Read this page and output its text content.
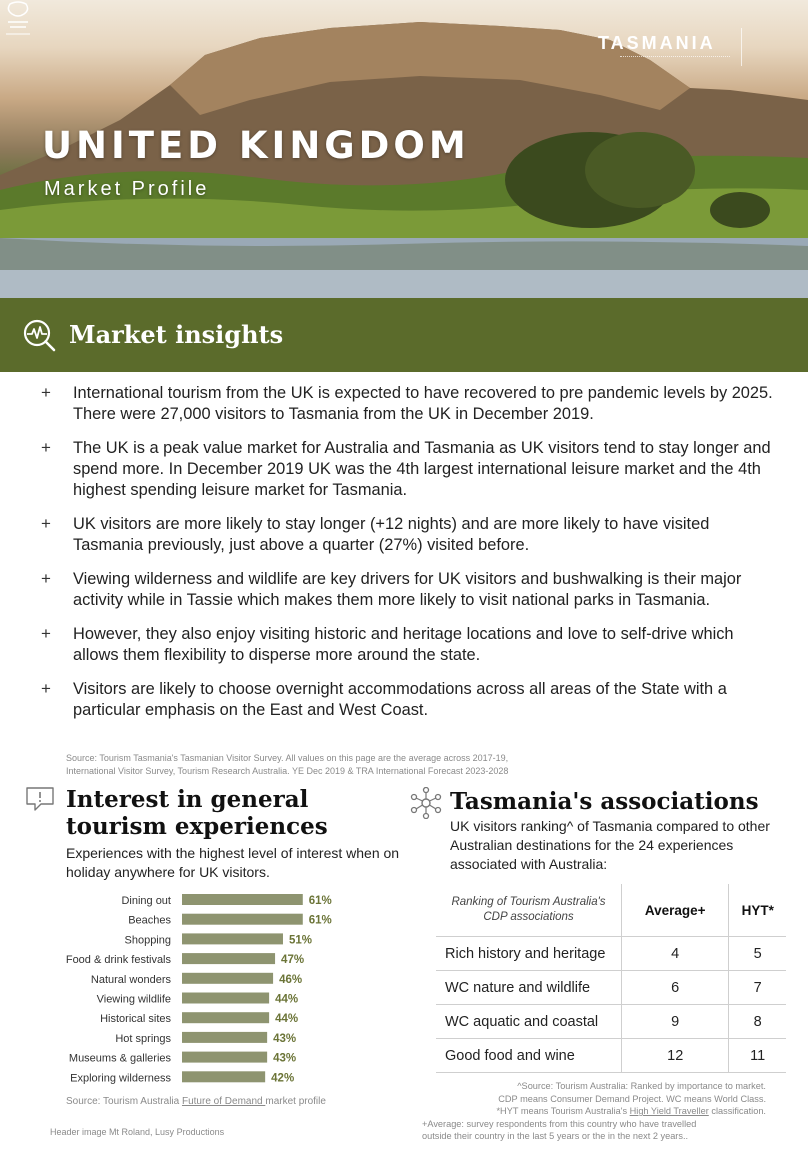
UNITED KINGDOM
Market Profile
TASMANIA
Market insights
+ International tourism from the UK is expected to have recovered to pre pandemic levels by 2025. There were 27,000 visitors to Tasmania from the UK in December 2019.
+ The UK is a peak value market for Australia and Tasmania as UK visitors tend to stay longer and spend more. In December 2019 UK was the 4th largest international leisure market and the 4th highest spending leisure market for Tasmania.
+ UK visitors are more likely to stay longer (+12 nights) and are more likely to have visited Tasmania previously, just above a quarter (27%) visited before.
+ Viewing wilderness and wildlife are key drivers for UK visitors and bushwalking is their major activity while in Tassie which makes them more likely to visit national parks in Tasmania.
+ However, they also enjoy visiting historic and heritage locations and love to self-drive which allows them flexibility to disperse more around the state.
+ Visitors are likely to choose overnight accommodations across all areas of the State with a particular emphasis on the East and West Coast.
Source: Tourism Tasmania's Tasmanian Visitor Survey. All values on this page are the average across 2017-19,
International Visitor Survey, Tourism Research Australia. YE Dec 2019 & TRA International Forecast 2023-2028
Interest in general
tourism experiences
Experiences with the highest level of interest when on holiday anywhere for UK visitors.
Dining out	61%
Beaches	61%
Shopping	51%
Food & drink festivals	47%
Natural wonders	46%
Viewing wildlife	44%
Historical sites	44%
Hot springs	43%
Museums & galleries	43%
Exploring wilderness	42%
Source: Tourism Australia Future of Demand market profile
Header image Mt Roland, Lusy Productions
Tasmania's associations
UK visitors ranking^ of Tasmania compared to other Australian destinations for the 24 experiences associated with Australia:
Ranking of Tourism Australia's CDP associations	Average+	HYT*
Rich history and heritage	4	5
WC nature and wildlife	6	7
WC aquatic and coastal	9	8
Good food and wine	12	11
^Source: Tourism Australia: Ranked by importance to market.
CDP means Consumer Demand Project. WC means World Class.
*HYT means Tourism Australia's High Yield Traveller classification.
+Average: survey respondents from this country who have travelled
outside their country in the last 5 years or the in the next 2 years..
